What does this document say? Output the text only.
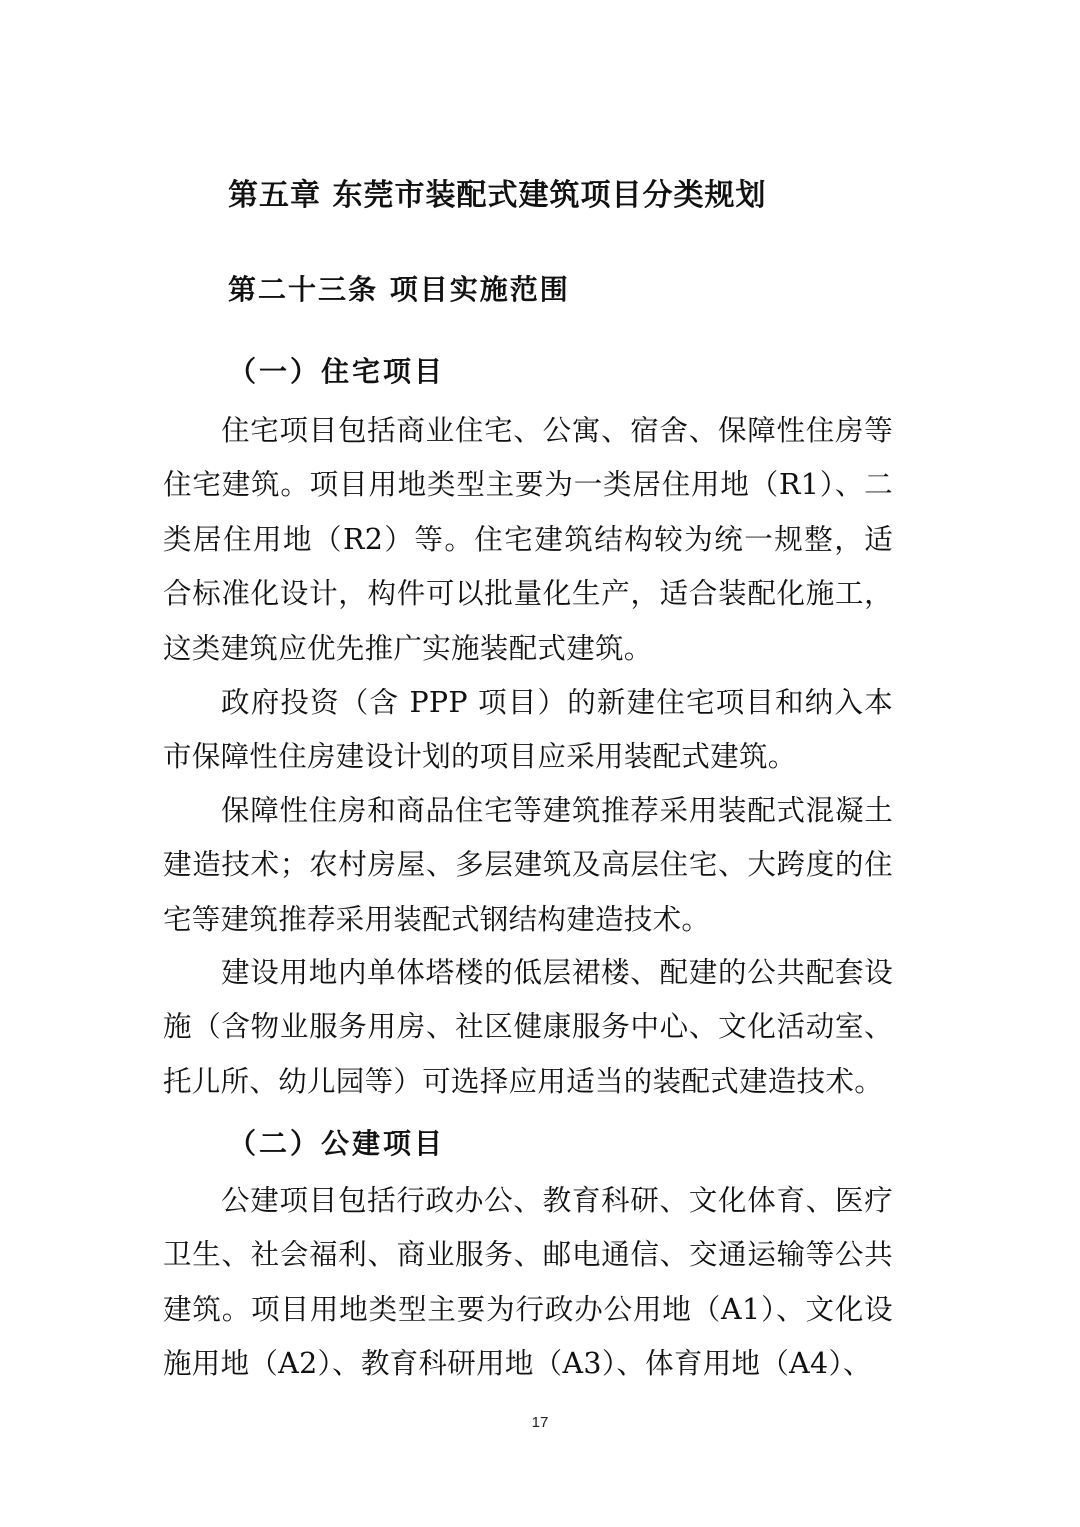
第五章 东莞市装配式建筑项目分类规划
第二十三条 项目实施范围
（一）住宅项目

住宅项目包括商业住宅、公寓、宿舍、保障性住房等住宅建筑。项目用地类型主要为一类居住用地（R1）、二类居住用地（R2）等。住宅建筑结构较为统一规整，适合标准化设计，构件可以批量化生产，适合装配化施工，这类建筑应优先推广实施装配式建筑。

政府投资（含 PPP 项目）的新建住宅项目和纳入本市保障性住房建设计划的项目应采用装配式建筑。

保障性住房和商品住宅等建筑推荐采用装配式混凝土建造技术；农村房屋、多层建筑及高层住宅、大跨度的住宅等建筑推荐采用装配式钢结构建造技术。

建设用地内单体塔楼的低层裙楼、配建的公共配套设施（含物业服务用房、社区健康服务中心、文化活动室、托儿所、幼儿园等）可选择应用适当的装配式建造技术。

（二）公建项目

公建项目包括行政办公、教育科研、文化体育、医疗卫生、社会福利、商业服务、邮电通信、交通运输等公共建筑。项目用地类型主要为行政办公用地（A1）、文化设施用地（A2）、教育科研用地（A3）、体育用地（A4）、

17
